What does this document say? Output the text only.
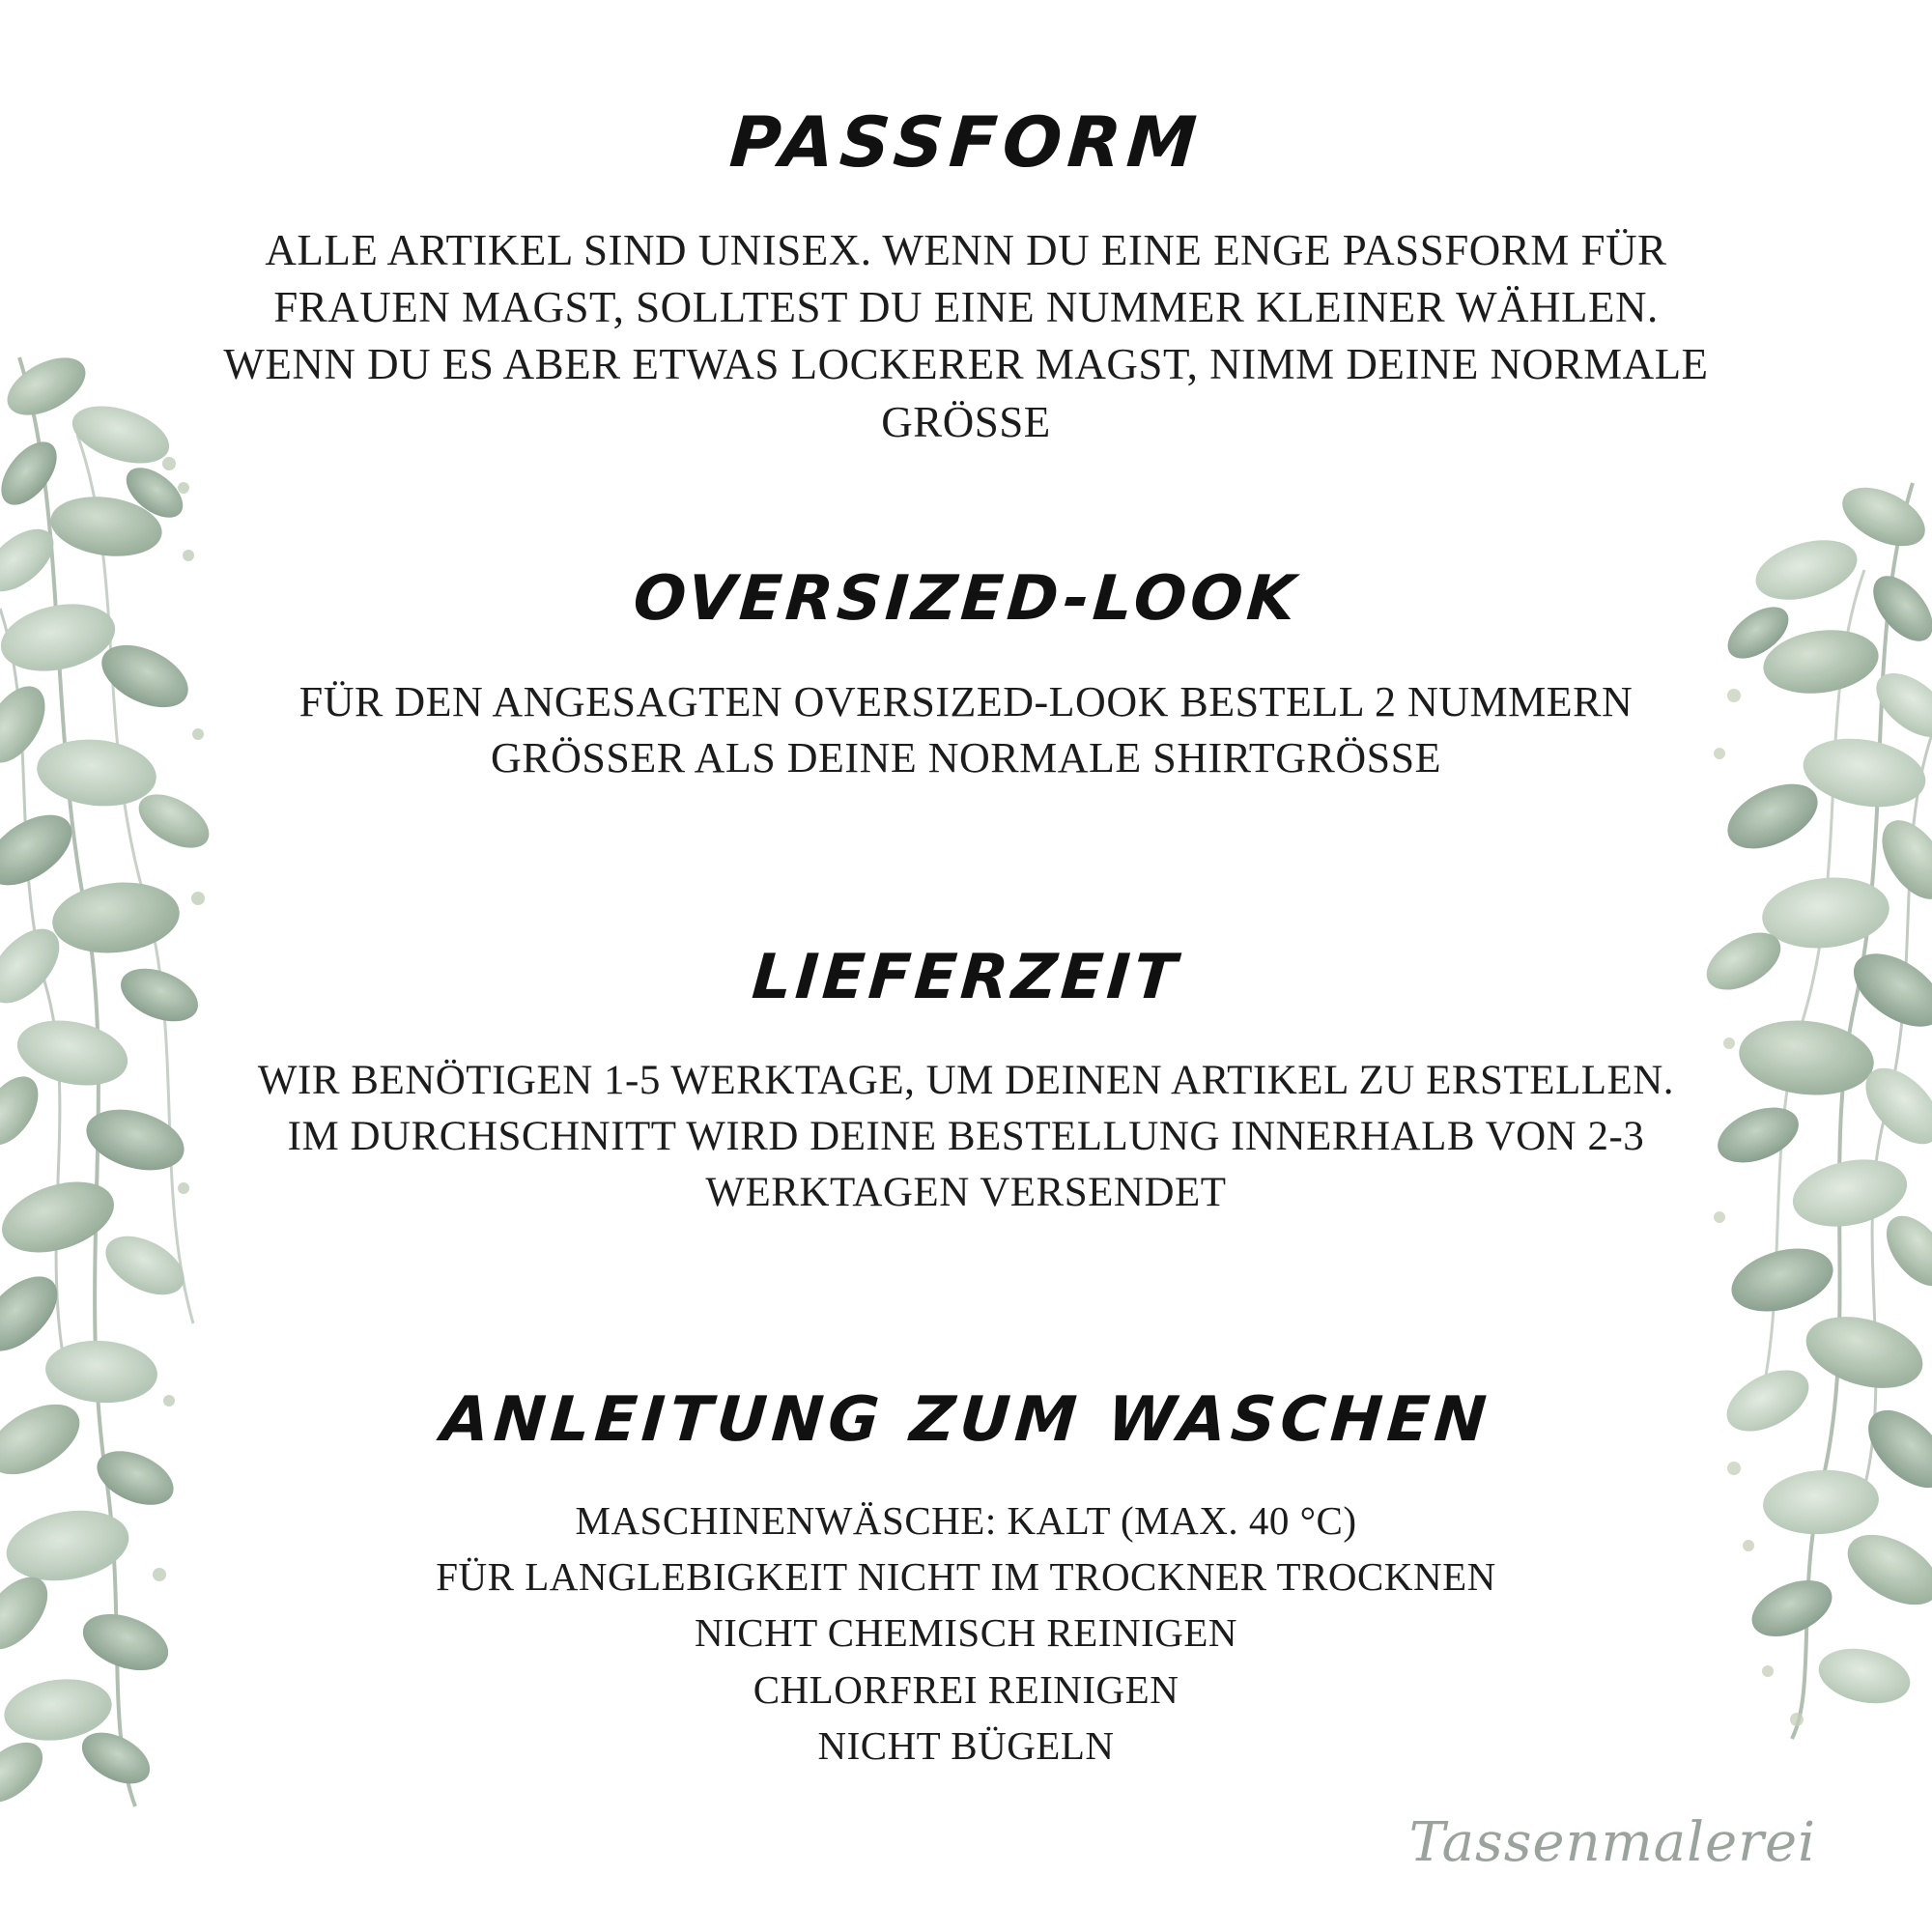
PASSFORM

ALLE ARTIKEL SIND UNISEX. WENN DU EINE ENGE PASSFORM FÜR
FRAUEN MAGST, SOLLTEST DU EINE NUMMER KLEINER WÄHLEN.
WENN DU ES ABER ETWAS LOCKERER MAGST, NIMM DEINE NORMALE
GRÖSSE

OVERSIZED-LOOK

FÜR DEN ANGESAGTEN OVERSIZED-LOOK BESTELL 2 NUMMERN
GRÖSSER ALS DEINE NORMALE SHIRTGRÖSSE

LIEFERZEIT

WIR BENÖTIGEN 1-5 WERKTAGE, UM DEINEN ARTIKEL ZU ERSTELLEN.
IM DURCHSCHNITT WIRD DEINE BESTELLUNG INNERHALB VON 2-3
WERKTAGEN VERSENDET

ANLEITUNG ZUM WASCHEN

MASCHINENWÄSCHE: KALT (MAX. 40 °C)
FÜR LANGLEBIGKEIT NICHT IM TROCKNER TROCKNEN
NICHT CHEMISCH REINIGEN
CHLORFREI REINIGEN
NICHT BÜGELN

Tassenmalerei
